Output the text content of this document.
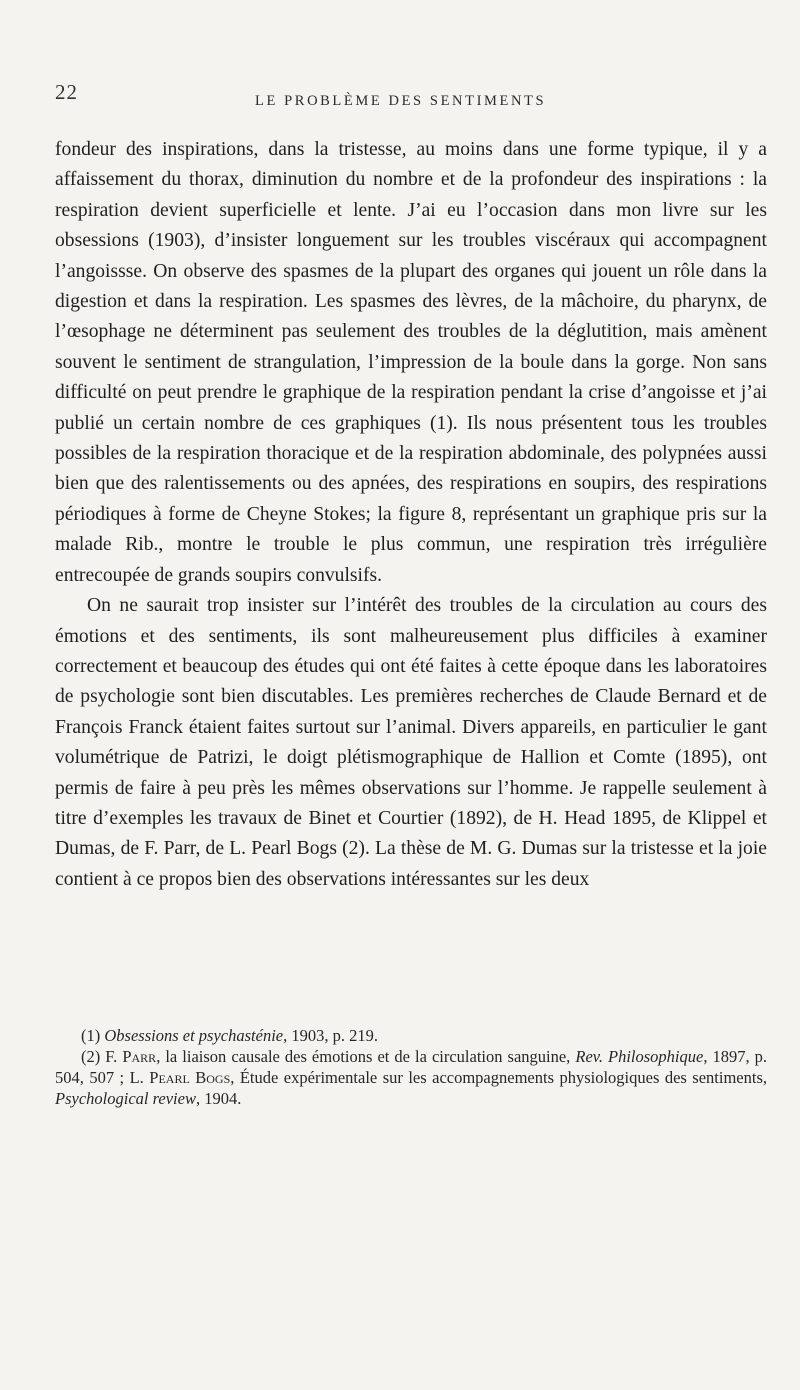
22	LE PROBLÈME DES SENTIMENTS

fondeur des inspirations, dans la tristesse, au moins dans une forme typique, il y a affaissement du thorax, diminution du nombre et de la profondeur des inspirations : la respiration devient superficielle et lente. J’ai eu l’occasion dans mon livre sur les obsessions (1903), d’insister longuement sur les troubles viscéraux qui accompagnent l’angoissse. On observe des spasmes de la plupart des organes qui jouent un rôle dans la digestion et dans la respiration. Les spasmes des lèvres, de la mâchoire, du pharynx, de l’œsophage ne déterminent pas seulement des troubles de la déglutition, mais amènent souvent le sentiment de strangulation, l’impression de la boule dans la gorge. Non sans difficulté on peut prendre le graphique de la respiration pendant la crise d’angoisse et j’ai publié un certain nombre de ces graphiques (1). Ils nous présentent tous les troubles possibles de la respiration thoracique et de la respiration abdominale, des polypnées aussi bien que des ralentissements ou des apnées, des respirations en soupirs, des respirations périodiques à forme de Cheyne Stokes; la figure 8, représentant un graphique pris sur la malade Rib., montre le trouble le plus commun, une respiration très irrégulière entrecoupée de grands soupirs convulsifs.

On ne saurait trop insister sur l’intérêt des troubles de la circulation au cours des émotions et des sentiments, ils sont malheureusement plus difficiles à examiner correctement et beaucoup des études qui ont été faites à cette époque dans les laboratoires de psychologie sont bien discutables. Les premières recherches de Claude Bernard et de François Franck étaient faites surtout sur l’animal. Divers appareils, en particulier le gant volumétrique de Patrizi, le doigt plétismographique de Hallion et Comte (1895), ont permis de faire à peu près les mêmes observations sur l’homme. Je rappelle seulement à titre d’exemples les travaux de Binet et Courtier (1892), de H. Head 1895, de Klippel et Dumas, de F. Parr, de L. Pearl Bogs (2). La thèse de M. G. Dumas sur la tristesse et la joie contient à ce propos bien des observations intéressantes sur les deux

(1) Obsessions et psychasténie, 1903, p. 219.

(2) F. Parr, la liaison causale des émotions et de la circulation sanguine, Rev. Philosophique, 1897, p. 504, 507 ; L. Pearl Bogs, Étude expérimentale sur les accompagnements physiologiques des sentiments, Psychological review, 1904.
